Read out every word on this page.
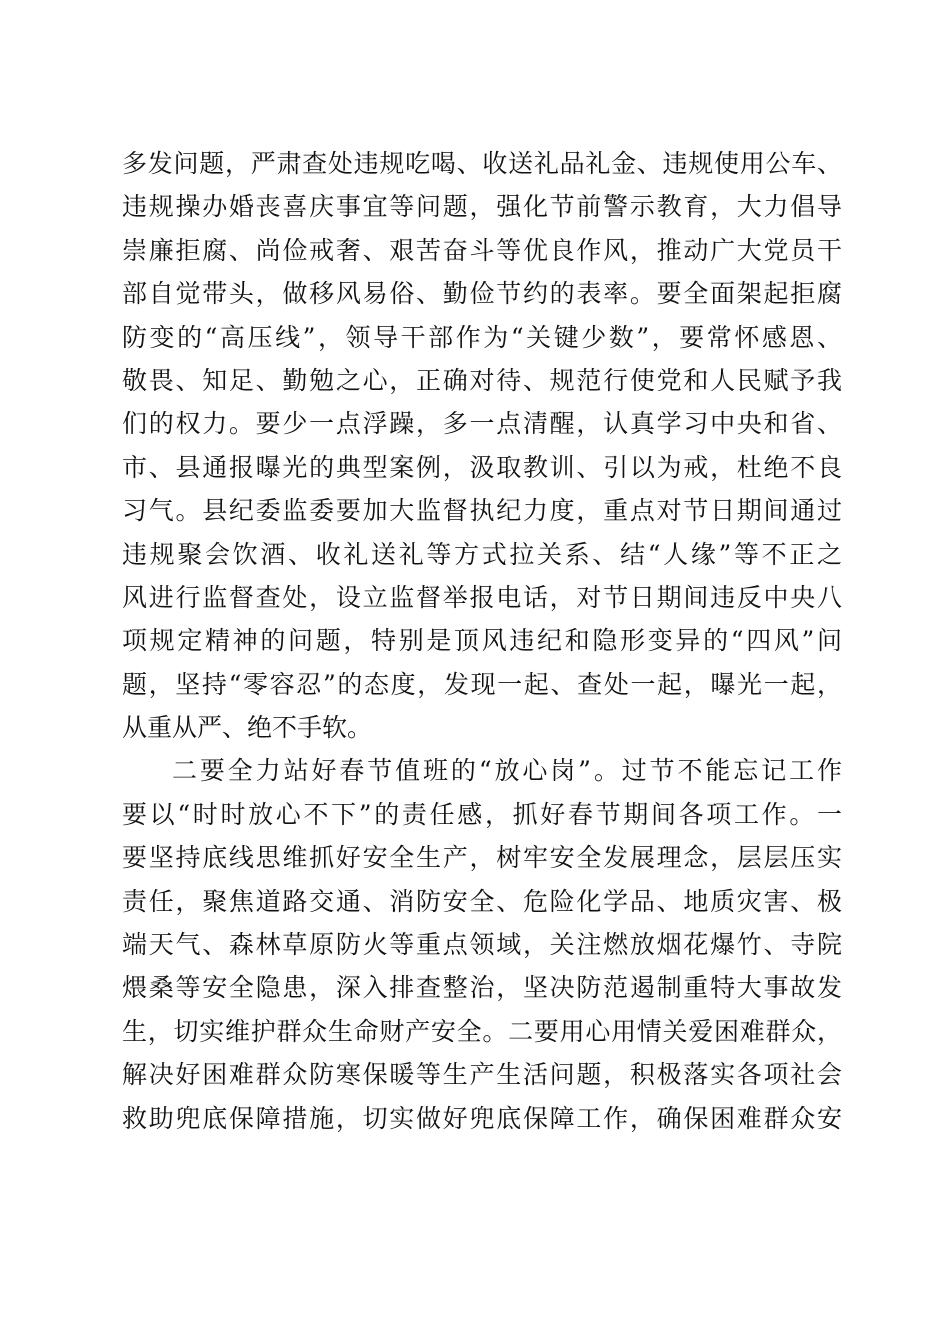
多发问题，严肃查处违规吃喝、收送礼品礼金、违规使用公车、
违规操办婚丧喜庆事宜等问题，强化节前警示教育，大力倡导
崇廉拒腐、尚俭戒奢、艰苦奋斗等优良作风，推动广大党员干
部自觉带头，做移风易俗、勤俭节约的表率。要全面架起拒腐
防变的“高压线”，领导干部作为“关键少数”，要常怀感恩、
敬畏、知足、勤勉之心，正确对待、规范行使党和人民赋予我
们的权力。要少一点浮躁，多一点清醒，认真学习中央和省、
市、县通报曝光的典型案例，汲取教训、引以为戒，杜绝不良
习气。县纪委监委要加大监督执纪力度，重点对节日期间通过
违规聚会饮酒、收礼送礼等方式拉关系、结“人缘”等不正之
风进行监督查处，设立监督举报电话，对节日期间违反中央八
项规定精神的问题，特别是顶风违纪和隐形变异的“四风”问
题，坚持“零容忍”的态度，发现一起、查处一起，曝光一起，
从重从严、绝不手软。
二要全力站好春节值班的“放心岗”。过节不能忘记工作
要以“时时放心不下”的责任感，抓好春节期间各项工作。一
要坚持底线思维抓好安全生产，树牢安全发展理念，层层压实
责任，聚焦道路交通、消防安全、危险化学品、地质灾害、极
端天气、森林草原防火等重点领域，关注燃放烟花爆竹、寺院
煨桑等安全隐患，深入排查整治，坚决防范遏制重特大事故发
生，切实维护群众生命财产安全。二要用心用情关爱困难群众，
解决好困难群众防寒保暖等生产生活问题，积极落实各项社会
救助兜底保障措施，切实做好兜底保障工作，确保困难群众安
